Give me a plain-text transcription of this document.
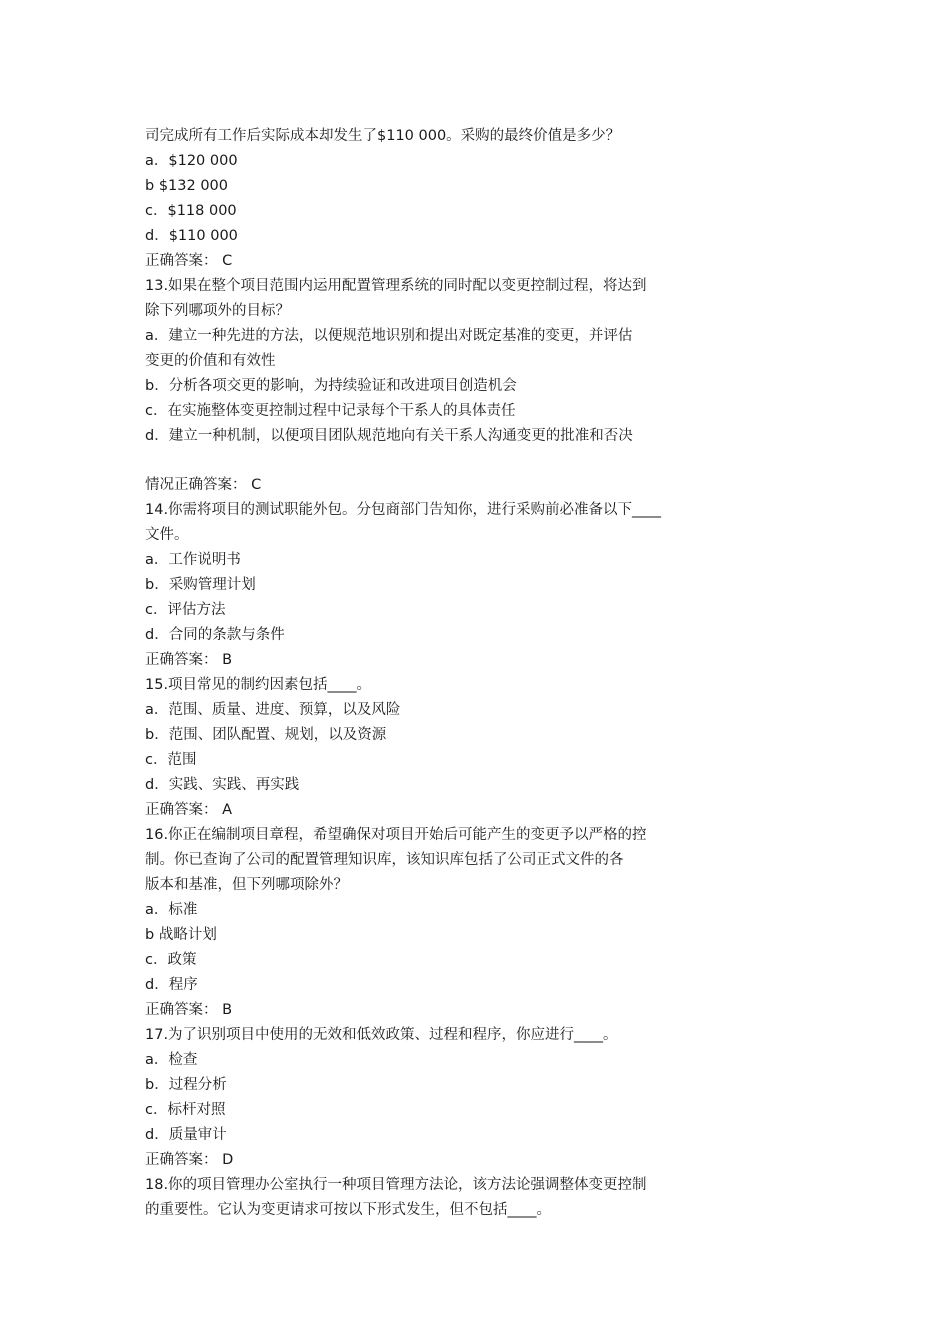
司完成所有工作后实际成本却发生了$110 000。采购的最终价值是多少？
a．$120 000
b $132 000
c．$118 000
d．$110 000
正确答案： C
13.如果在整个项目范围内运用配置管理系统的同时配以变更控制过程，将达到
除下列哪项外的目标？
a．建立一种先进的方法，以便规范地识别和提出对既定基准的变更，并评估
变更的价值和有效性
b．分析各项交更的影响，为持续验证和改进项目创造机会
c．在实施整体变更控制过程中记录每个干系人的具体责任
d．建立一种机制，以便项目团队规范地向有关干系人沟通变更的批准和否决
情况正确答案： C
14.你需将项目的测试职能外包。分包商部门告知你，进行采购前必准备以下____
文件。
a．工作说明书
b．采购管理计划
c．评估方法
d．合同的条款与条件
正确答案： B
15.项目常见的制约因素包括____。
a．范围、质量、进度、预算，以及风险
b．范围、团队配置、规划，以及资源
c．范围
d．实践、实践、再实践
正确答案： A
16.你正在编制项目章程，希望确保对项目开始后可能产生的变更予以严格的控
制。你已查询了公司的配置管理知识库，该知识库包括了公司正式文件的各
版本和基准，但下列哪项除外？
a．标准
b 战略计划
c．政策
d．程序
正确答案： B
17.为了识别项目中使用的无效和低效政策、过程和程序，你应进行____。
a．检查
b．过程分析
c．标杆对照
d．质量审计
正确答案： D
18.你的项目管理办公室执行一种项目管理方法论，该方法论强调整体变更控制
的重要性。它认为变更请求可按以下形式发生，但不包括____。
